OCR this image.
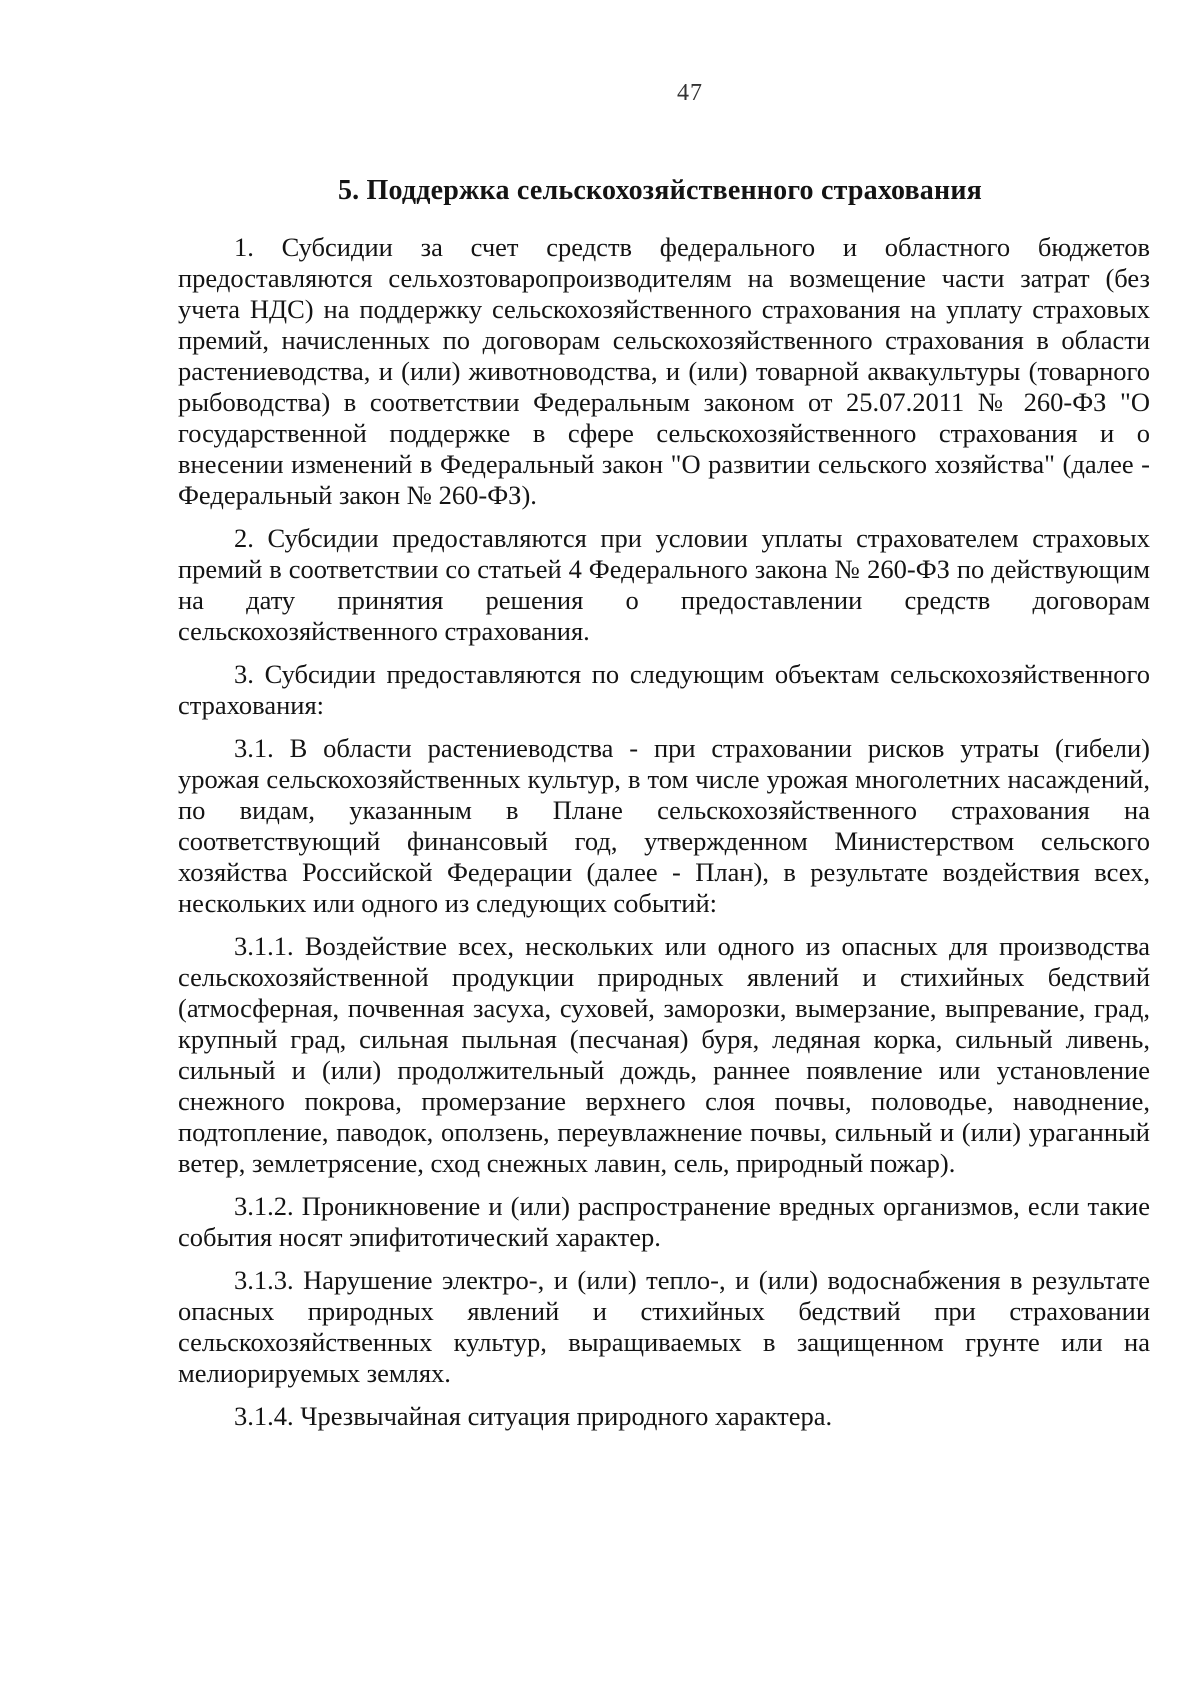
47
5. Поддержка сельскохозяйственного страхования

1. Субсидии за счет средств федерального и областного бюджетов предоставляются сельхозтоваропроизводителям на возмещение части затрат (без учета НДС) на поддержку сельскохозяйственного страхования на уплату страховых премий, начисленных по договорам сельскохозяйственного страхования в области растениеводства, и (или) животноводства, и (или) товарной аквакультуры (товарного рыбоводства) в соответствии Федеральным законом от 25.07.2011 № 260-ФЗ "О государственной поддержке в сфере сельскохозяйственного страхования и о внесении изменений в Федеральный закон "О развитии сельского хозяйства" (далее - Федеральный закон № 260-ФЗ).

2. Субсидии предоставляются при условии уплаты страхователем страховых премий в соответствии со статьей 4 Федерального закона № 260-ФЗ по действующим на дату принятия решения о предоставлении средств договорам сельскохозяйственного страхования.

3. Субсидии предоставляются по следующим объектам сельскохозяйственного страхования:

3.1. В области растениеводства - при страховании рисков утраты (гибели) урожая сельскохозяйственных культур, в том числе урожая многолетних насаждений, по видам, указанным в Плане сельскохозяйственного страхования на соответствующий финансовый год, утвержденном Министерством сельского хозяйства Российской Федерации (далее - План), в результате воздействия всех, нескольких или одного из следующих событий:

3.1.1. Воздействие всех, нескольких или одного из опасных для производства сельскохозяйственной продукции природных явлений и стихийных бедствий (атмосферная, почвенная засуха, суховей, заморозки, вымерзание, выпревание, град, крупный град, сильная пыльная (песчаная) буря, ледяная корка, сильный ливень, сильный и (или) продолжительный дождь, раннее появление или установление снежного покрова, промерзание верхнего слоя почвы, половодье, наводнение, подтопление, паводок, оползень, переувлажнение почвы, сильный и (или) ураганный ветер, землетрясение, сход снежных лавин, сель, природный пожар).

3.1.2. Проникновение и (или) распространение вредных организмов, если такие события носят эпифитотический характер.

3.1.3. Нарушение электро-, и (или) тепло-, и (или) водоснабжения в результате опасных природных явлений и стихийных бедствий при страховании сельскохозяйственных культур, выращиваемых в защищенном грунте или на мелиорируемых землях.

3.1.4. Чрезвычайная ситуация природного характера.
